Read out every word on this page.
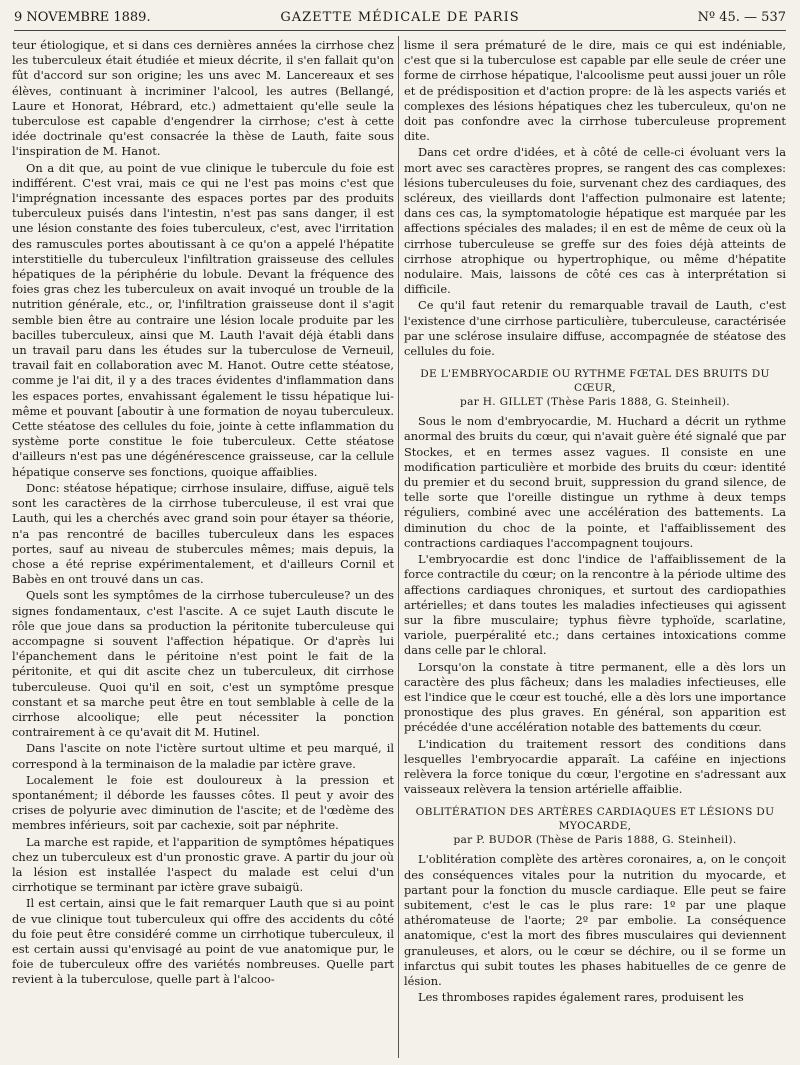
9 NOVEMBRE 1889.	GAZETTE MÉDICALE DE PARIS	Nº 45. — 537

teur étiologique, et si dans ces dernières années la cirrhose chez les tuberculeux était étudiée et mieux décrite, il s'en fallait qu'on fût d'accord sur son origine; les uns avec M. Lancereaux et ses élèves, continuant à incriminer l'alcool, les autres (Bellangé, Laure et Honorat, Hébrard, etc.) admettaient qu'elle seule la tuberculose est capable d'engendrer la cirrhose; c'est à cette idée doctrinale qu'est consacrée la thèse de Lauth, faite sous l'inspiration de M. Hanot.

On a dit que, au point de vue clinique le tubercule du foie est indifférent. C'est vrai, mais ce qui ne l'est pas moins c'est que l'imprégnation incessante des espaces portes par des produits tuberculeux puisés dans l'intestin, n'est pas sans danger, il est une lésion constante des foies tuberculeux, c'est, avec l'irritation des ramuscules portes aboutissant à ce qu'on a appelé l'hépatite interstitielle du tuberculeux l'infiltration graisseuse des cellules hépatiques de la périphérie du lobule. Devant la fréquence des foies gras chez les tuberculeux on avait invoqué un trouble de la nutrition générale, etc., or, l'infiltration graisseuse dont il s'agit semble bien être au contraire une lésion locale produite par les bacilles tuberculeux, ainsi que M. Lauth l'avait déjà établi dans un travail paru dans les études sur la tuberculose de Verneuil, travail fait en collaboration avec M. Hanot. Outre cette stéatose, comme je l'ai dit, il y a des traces évidentes d'inflammation dans les espaces portes, envahissant également le tissu hépatique lui-même et pouvant [aboutir à une formation de noyau tuberculeux. Cette stéatose des cellules du foie, jointe à cette inflammation du système porte constitue le foie tuberculeux. Cette stéatose d'ailleurs n'est pas une dégénérescence graisseuse, car la cellule hépatique conserve ses fonctions, quoique affaiblies.

Donc: stéatose hépatique; cirrhose insulaire, diffuse, aiguë tels sont les caractères de la cirrhose tuberculeuse, il est vrai que Lauth, qui les a cherchés avec grand soin pour étayer sa théorie, n'a pas rencontré de bacilles tuberculeux dans les espaces portes, sauf au niveau de stubercules mêmes; mais depuis, la chose a été reprise expérimentalement, et d'ailleurs Cornil et Babès en ont trouvé dans un cas.

Quels sont les symptômes de la cirrhose tuberculeuse? un des signes fondamentaux, c'est l'ascite. A ce sujet Lauth discute le rôle que joue dans sa production la péritonite tuberculeuse qui accompagne si souvent l'affection hépatique. Or d'après lui l'épanchement dans le péritoine n'est point le fait de la péritonite, et qui dit ascite chez un tuberculeux, dit cirrhose tuberculeuse. Quoi qu'il en soit, c'est un symptôme presque constant et sa marche peut être en tout semblable à celle de la cirrhose alcoolique; elle peut nécessiter la ponction contrairement à ce qu'avait dit M. Hutinel.

Dans l'ascite on note l'ictère surtout ultime et peu marqué, il correspond à la terminaison de la maladie par ictère grave.

Localement le foie est douloureux à la pression et spontanément; il déborde les fausses côtes. Il peut y avoir des crises de polyurie avec diminution de l'ascite; et de l'œdème des membres inférieurs, soit par cachexie, soit par néphrite.

La marche est rapide, et l'apparition de symptômes hépatiques chez un tuberculeux est d'un pronostic grave. A partir du jour où la lésion est installée l'aspect du malade est celui d'un cirrhotique se terminant par ictère grave subaigü.

Il est certain, ainsi que le fait remarquer Lauth que si au point de vue clinique tout tuberculeux qui offre des accidents du côté du foie peut être considéré comme un cirrhotique tuberculeux, il est certain aussi qu'envisagé au point de vue anatomique pur, le foie de tuberculeux offre des variétés nombreuses. Quelle part revient à la tuberculose, quelle part à l'alcoo-

lisme il sera prématuré de le dire, mais ce qui est indéniable, c'est que si la tuberculose est capable par elle seule de créer une forme de cirrhose hépatique, l'alcoolisme peut aussi jouer un rôle et de prédisposition et d'action propre: de là les aspects variés et complexes des lésions hépatiques chez les tuberculeux, qu'on ne doit pas confondre avec la cirrhose tuberculeuse proprement dite.

Dans cet ordre d'idées, et à côté de celle-ci évoluant vers la mort avec ses caractères propres, se rangent des cas complexes: lésions tuberculeuses du foie, survenant chez des cardiaques, des scléreux, des vieillards dont l'affection pulmonaire est latente; dans ces cas, la symptomatologie hépatique est marquée par les affections spéciales des malades; il en est de même de ceux où la cirrhose tuberculeuse se greffe sur des foies déjà atteints de cirrhose atrophique ou hypertrophique, ou même d'hépatite nodulaire. Mais, laissons de côté ces cas à interprétation si difficile.

Ce qu'il faut retenir du remarquable travail de Lauth, c'est l'existence d'une cirrhose particulière, tuberculeuse, caractérisée par une sclérose insulaire diffuse, accompagnée de stéatose des cellules du foie.

DE L'EMBRYOCARDIE OU RYTHME FŒTAL DES BRUITS DU CŒUR,
par H. GILLET (Thèse Paris 1888, G. Steinheil).

Sous le nom d'embryocardie, M. Huchard a décrit un rythme anormal des bruits du cœur, qui n'avait guère été signalé que par Stockes, et en termes assez vagues. Il consiste en une modification particulière et morbide des bruits du cœur: identité du premier et du second bruit, suppression du grand silence, de telle sorte que l'oreille distingue un rythme à deux temps réguliers, combiné avec une accélération des battements. La diminution du choc de la pointe, et l'affaiblissement des contractions cardiaques l'accompagnent toujours.

L'embryocardie est donc l'indice de l'affaiblissement de la force contractile du cœur; on la rencontre à la période ultime des affections cardiaques chroniques, et surtout des cardiopathies artérielles; et dans toutes les maladies infectieuses qui agissent sur la fibre musculaire; typhus fièvre typhoïde, scarlatine, variole, puerpéralité etc.; dans certaines intoxications comme dans celle par le chloral.

Lorsqu'on la constate à titre permanent, elle a dès lors un caractère des plus fâcheux; dans les maladies infectieuses, elle est l'indice que le cœur est touché, elle a dès lors une importance pronostique des plus graves. En général, son apparition est précédée d'une accélération notable des battements du cœur.

L'indication du traitement ressort des conditions dans lesquelles l'embryocardie apparaît. La caféine en injections relèvera la force tonique du cœur, l'ergotine en s'adressant aux vaisseaux relèvera la tension artérielle affaiblie.

OBLITÉRATION DES ARTÈRES CARDIAQUES ET LÉSIONS DU MYOCARDE,
par P. BUDOR (Thèse de Paris 1888, G. Steinheil).

L'oblitération complète des artères coronaires, a, on le conçoit des conséquences vitales pour la nutrition du myocarde, et partant pour la fonction du muscle cardiaque. Elle peut se faire subitement, c'est le cas le plus rare: 1º par une plaque athéromateuse de l'aorte; 2º par embolie. La conséquence anatomique, c'est la mort des fibres musculaires qui deviennent granuleuses, et alors, ou le cœur se déchire, ou il se forme un infarctus qui subit toutes les phases habituelles de ce genre de lésion.

Les thromboses rapides également rares, produisent les
